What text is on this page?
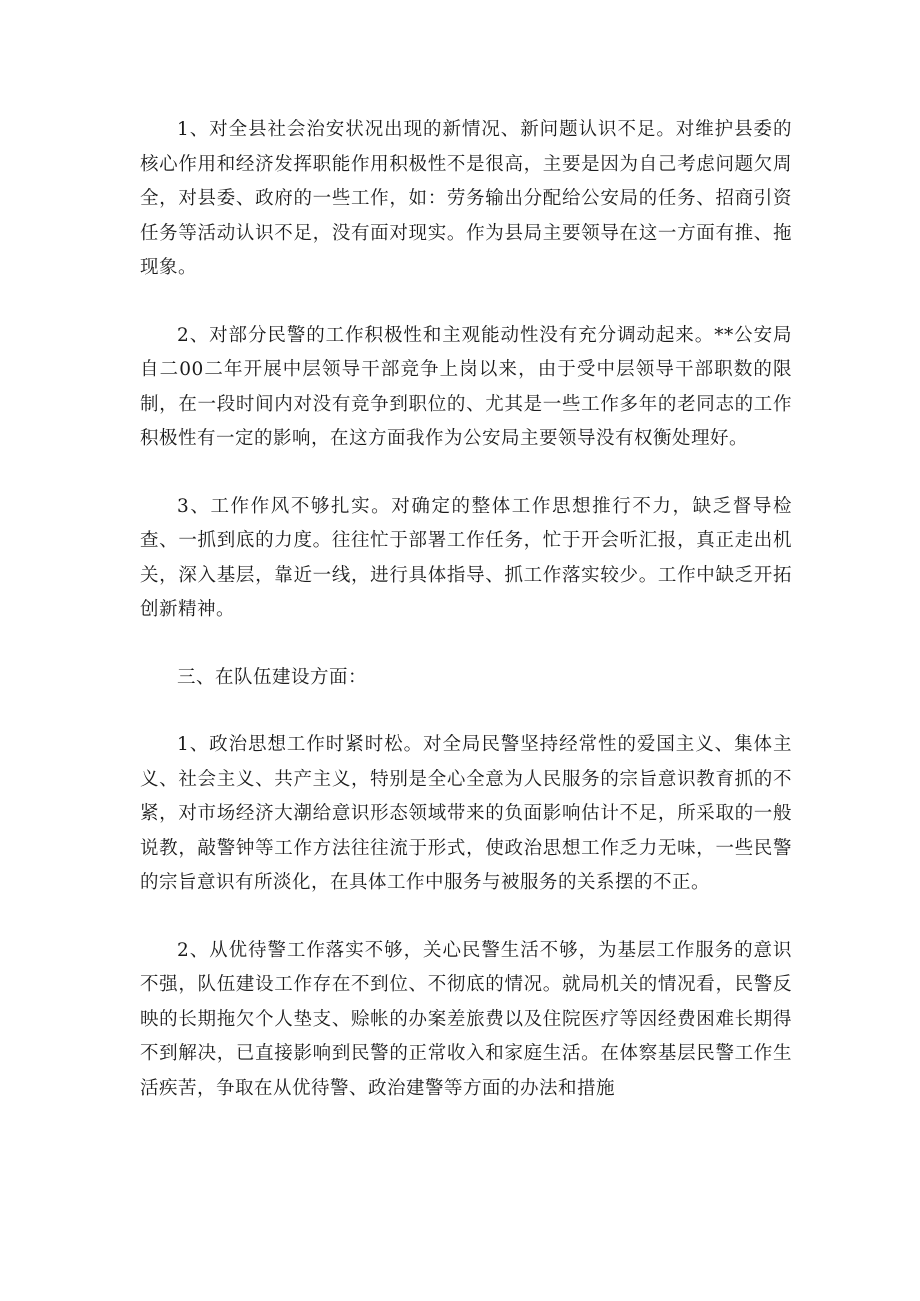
1、对全县社会治安状况出现的新情况、新问题认识不足。对维护县委的核心作用和经济发挥职能作用积极性不是很高，主要是因为自己考虑问题欠周全，对县委、政府的一些工作，如：劳务输出分配给公安局的任务、招商引资任务等活动认识不足，没有面对现实。作为县局主要领导在这一方面有推、拖现象。

2、对部分民警的工作积极性和主观能动性没有充分调动起来。**公安局自二00二年开展中层领导干部竞争上岗以来，由于受中层领导干部职数的限制，在一段时间内对没有竞争到职位的、尤其是一些工作多年的老同志的工作积极性有一定的影响，在这方面我作为公安局主要领导没有权衡处理好。

3、工作作风不够扎实。对确定的整体工作思想推行不力，缺乏督导检查、一抓到底的力度。往往忙于部署工作任务，忙于开会听汇报，真正走出机关，深入基层，靠近一线，进行具体指导、抓工作落实较少。工作中缺乏开拓创新精神。

三、在队伍建设方面：

1、政治思想工作时紧时松。对全局民警坚持经常性的爱国主义、集体主义、社会主义、共产主义，特别是全心全意为人民服务的宗旨意识教育抓的不紧，对市场经济大潮给意识形态领域带来的负面影响估计不足，所采取的一般说教，敲警钟等工作方法往往流于形式，使政治思想工作乏力无味，一些民警的宗旨意识有所淡化，在具体工作中服务与被服务的关系摆的不正。

2、从优待警工作落实不够，关心民警生活不够，为基层工作服务的意识不强，队伍建设工作存在不到位、不彻底的情况。就局机关的情况看，民警反映的长期拖欠个人垫支、赊帐的办案差旅费以及住院医疗等因经费困难长期得不到解决，已直接影响到民警的正常收入和家庭生活。在体察基层民警工作生活疾苦，争取在从优待警、政治建警等方面的办法和措施
